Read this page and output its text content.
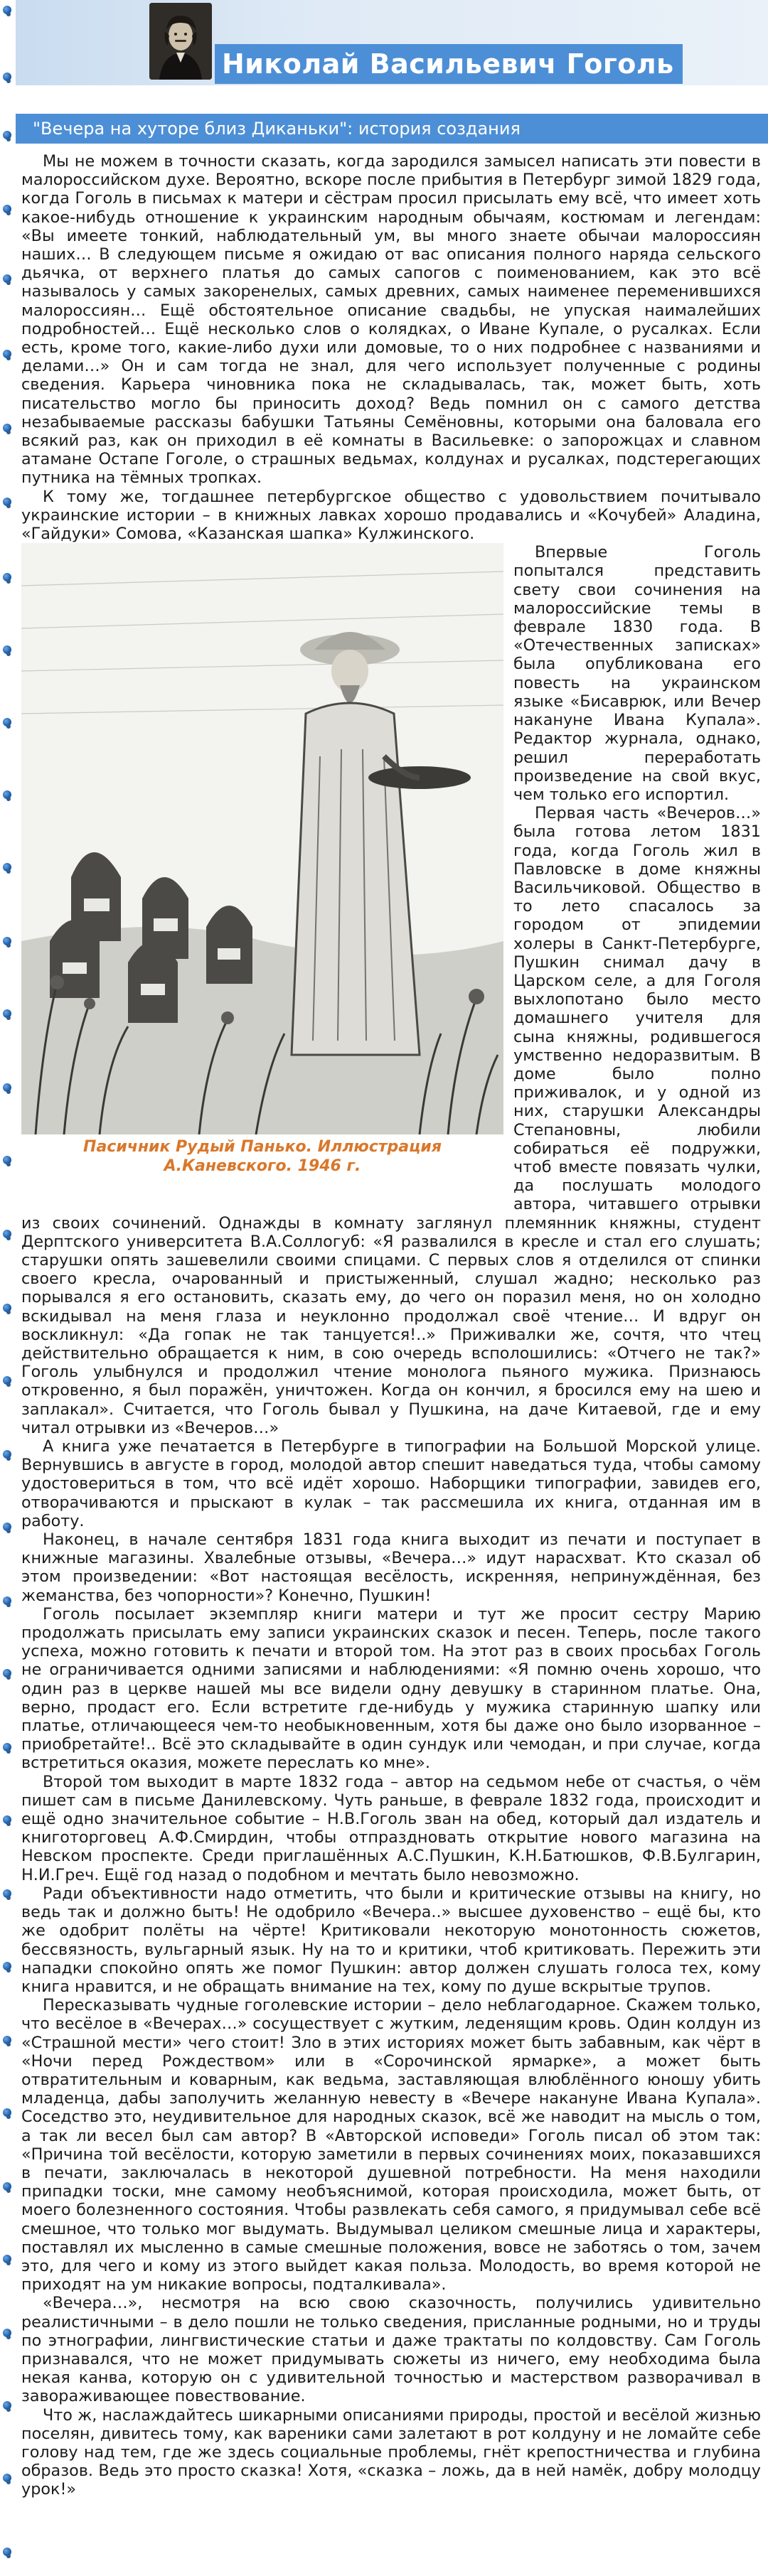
Николай Васильевич Гоголь
"Вечера на хуторе близ Диканьки": история создания

Мы не можем в точности сказать, когда зародился замысел написать эти повести в малороссийском духе. Вероятно, вскоре после прибытия в Петербург зимой 1829 года, когда Гоголь в письмах к матери и сёстрам просил присылать ему всё, что имеет хоть какое-нибудь отношение к украинским народным обычаям, костюмам и легендам: «Вы имеете тонкий, наблюдательный ум, вы много знаете обычаи малороссиян наших… В следующем письме я ожидаю от вас описания полного наряда сельского дьячка, от верхнего платья до самых сапогов с поименованием, как это всё называлось у самых закоренелых, самых древних, самых наименее переменившихся малороссиян… Ещё обстоятельное описание свадьбы, не упуская наималейших подробностей… Ещё несколько слов о колядках, о Иване Купале, о русалках. Если есть, кроме того, какие-либо духи или домовые, то о них подробнее с названиями и делами…» Он и сам тогда не знал, для чего использует полученные с родины сведения. Карьера чиновника пока не складывалась, так, может быть, хоть писательство могло бы приносить доход? Ведь помнил он с самого детства незабываемые рассказы бабушки Татьяны Семёновны, которыми она баловала его всякий раз, как он приходил в её комнаты в Васильевке: о запорожцах и славном атамане Остапе Гоголе, о страшных ведьмах, колдунах и русалках, подстерегающих путника на тёмных тропках.

К тому же, тогдашнее петербургское общество с удовольствием почитывало украинские истории – в книжных лавках хорошо продавались и «Кочубей» Аладина, «Гайдуки» Сомова, «Казанская шапка» Кулжинского.

Пасичник Рудый Панько. Иллюстрация
А.Каневского. 1946 г.

Впервые Гоголь попытался представить свету свои сочинения на малороссийские темы в феврале 1830 года. В «Отечественных записках» была опубликована его повесть на украинском языке «Бисаврюк, или Вечер накануне Ивана Купала». Редактор журнала, однако, решил переработать произведение на свой вкус, чем только его испортил.

Первая часть «Вечеров…» была готова летом 1831 года, когда Гоголь жил в Павловске в доме княжны Васильчиковой. Общество в то лето спасалось за городом от эпидемии холеры в Санкт-Петербурге, Пушкин снимал дачу в Царском селе, а для Гоголя выхлопотано было место домашнего учителя для сына княжны, родившегося умственно недоразвитым. В доме было полно приживалок, и у одной из них, старушки Александры Степановны, любили собираться её подружки, чтоб вместе повязать чулки, да послушать молодого автора, читавшего отрывки из своих сочинений. Однажды в комнату заглянул племянник княжны, студент Дерптского университета В.А.Соллогуб: «Я развалился в кресле и стал его слушать; старушки опять зашевелили своими спицами. С первых слов я отделился от спинки своего кресла, очарованный и пристыженный, слушал жадно; несколько раз порывался я его остановить, сказать ему, до чего он поразил меня, но он холодно вскидывал на меня глаза и неуклонно продолжал своё чтение… И вдруг он воскликнул: «Да гопак не так танцуется!..» Приживалки же, сочтя, что чтец действительно обращается к ним, в сою очередь всполошились: «Отчего не так?» Гоголь улыбнулся и продолжил чтение монолога пьяного мужика. Признаюсь откровенно, я был поражён, уничтожен. Когда он кончил, я бросился ему на шею и заплакал». Считается, что Гоголь бывал у Пушкина, на даче Китаевой, где и ему читал отрывки из «Вечеров…»

А книга уже печатается в Петербурге в типографии на Большой Морской улице. Вернувшись в августе в город, молодой автор спешит наведаться туда, чтобы самому удостовериться в том, что всё идёт хорошо. Наборщики типографии, завидев его, отворачиваются и прыскают в кулак – так рассмешила их книга, отданная им в работу.

Наконец, в начале сентября 1831 года книга выходит из печати и поступает в книжные магазины. Хвалебные отзывы, «Вечера…» идут нарасхват. Кто сказал об этом произведении: «Вот настоящая весёлость, искренняя, непринуждённая, без жеманства, без чопорности»? Конечно, Пушкин!

Гоголь посылает экземпляр книги матери и тут же просит сестру Марию продолжать присылать ему записи украинских сказок и песен. Теперь, после такого успеха, можно готовить к печати и второй том. На этот раз в своих просьбах Гоголь не ограничивается одними записями и наблюдениями: «Я помню очень хорошо, что один раз в церкве нашей мы все видели одну девушку в старинном платье. Она, верно, продаст его. Если встретите где-нибудь у мужика старинную шапку или платье, отличающееся чем-то необыкновенным, хотя бы даже оно было изорванное – приобретайте!.. Всё это складывайте в один сундук или чемодан, и при случае, когда встретиться оказия, можете переслать ко мне».

Второй том выходит в марте 1832 года – автор на седьмом небе от счастья, о чём пишет сам в письме Данилевскому. Чуть раньше, в феврале 1832 года, происходит и ещё одно значительное событие – Н.В.Гоголь зван на обед, который дал издатель и книготорговец А.Ф.Смирдин, чтобы отпраздновать открытие нового магазина на Невском проспекте. Среди приглашённых А.С.Пушкин, К.Н.Батюшков, Ф.В.Булгарин, Н.И.Греч. Ещё год назад о подобном и мечтать было невозможно.

Ради объективности надо отметить, что были и критические отзывы на книгу, но ведь так и должно быть! Не одобрило «Вечера..» высшее духовенство – ещё бы, кто же одобрит полёты на чёрте! Критиковали некоторую монотонность сюжетов, бессвязность, вульгарный язык. Ну на то и критики, чтоб критиковать. Пережить эти нападки спокойно опять же помог Пушкин: автор должен слушать голоса тех, кому книга нравится, и не обращать внимание на тех, кому по душе вскрытые трупов.

Пересказывать чудные гоголевские истории – дело неблагодарное. Скажем только, что весёлое в «Вечерах…» сосуществует с жутким, леденящим кровь. Один колдун из «Страшной мести» чего стоит! Зло в этих историях может быть забавным, как чёрт в «Ночи перед Рождеством» или в «Сорочинской ярмарке», а может быть отвратительным и коварным, как ведьма, заставляющая влюблённого юношу убить младенца, дабы заполучить желанную невесту в «Вечере накануне Ивана Купала». Соседство это, неудивительное для народных сказок, всё же наводит на мысль о том, а так ли весел был сам автор? В «Авторской исповеди» Гоголь писал об этом так: «Причина той весёлости, которую заметили в первых сочинениях моих, показавшихся в печати, заключалась в некоторой душевной потребности. На меня находили припадки тоски, мне самому необъяснимой, которая происходила, может быть, от моего болезненного состояния. Чтобы развлекать себя самого, я придумывал себе всё смешное, что только мог выдумать. Выдумывал целиком смешные лица и характеры, поставлял их мысленно в самые смешные положения, вовсе не заботясь о том, зачем это, для чего и кому из этого выйдет какая польза. Молодость, во время которой не приходят на ум никакие вопросы, подталкивала».

«Вечера…», несмотря на всю свою сказочность, получились удивительно реалистичными – в дело пошли не только сведения, присланные родными, но и труды по этнографии, лингвистические статьи и даже трактаты по колдовству. Сам Гоголь признавался, что не может придумывать сюжеты из ничего, ему необходима была некая канва, которую он с удивительной точностью и мастерством разворачивал в завораживающее повествование.

Что ж, наслаждайтесь шикарными описаниями природы, простой и весёлой жизнью поселян, дивитесь тому, как вареники сами залетают в рот колдуну и не ломайте себе голову над тем, где же здесь социальные проблемы, гнёт крепостничества и глубина образов. Ведь это просто сказка! Хотя, «сказка – ложь, да в ней намёк, добру молодцу урок!»
